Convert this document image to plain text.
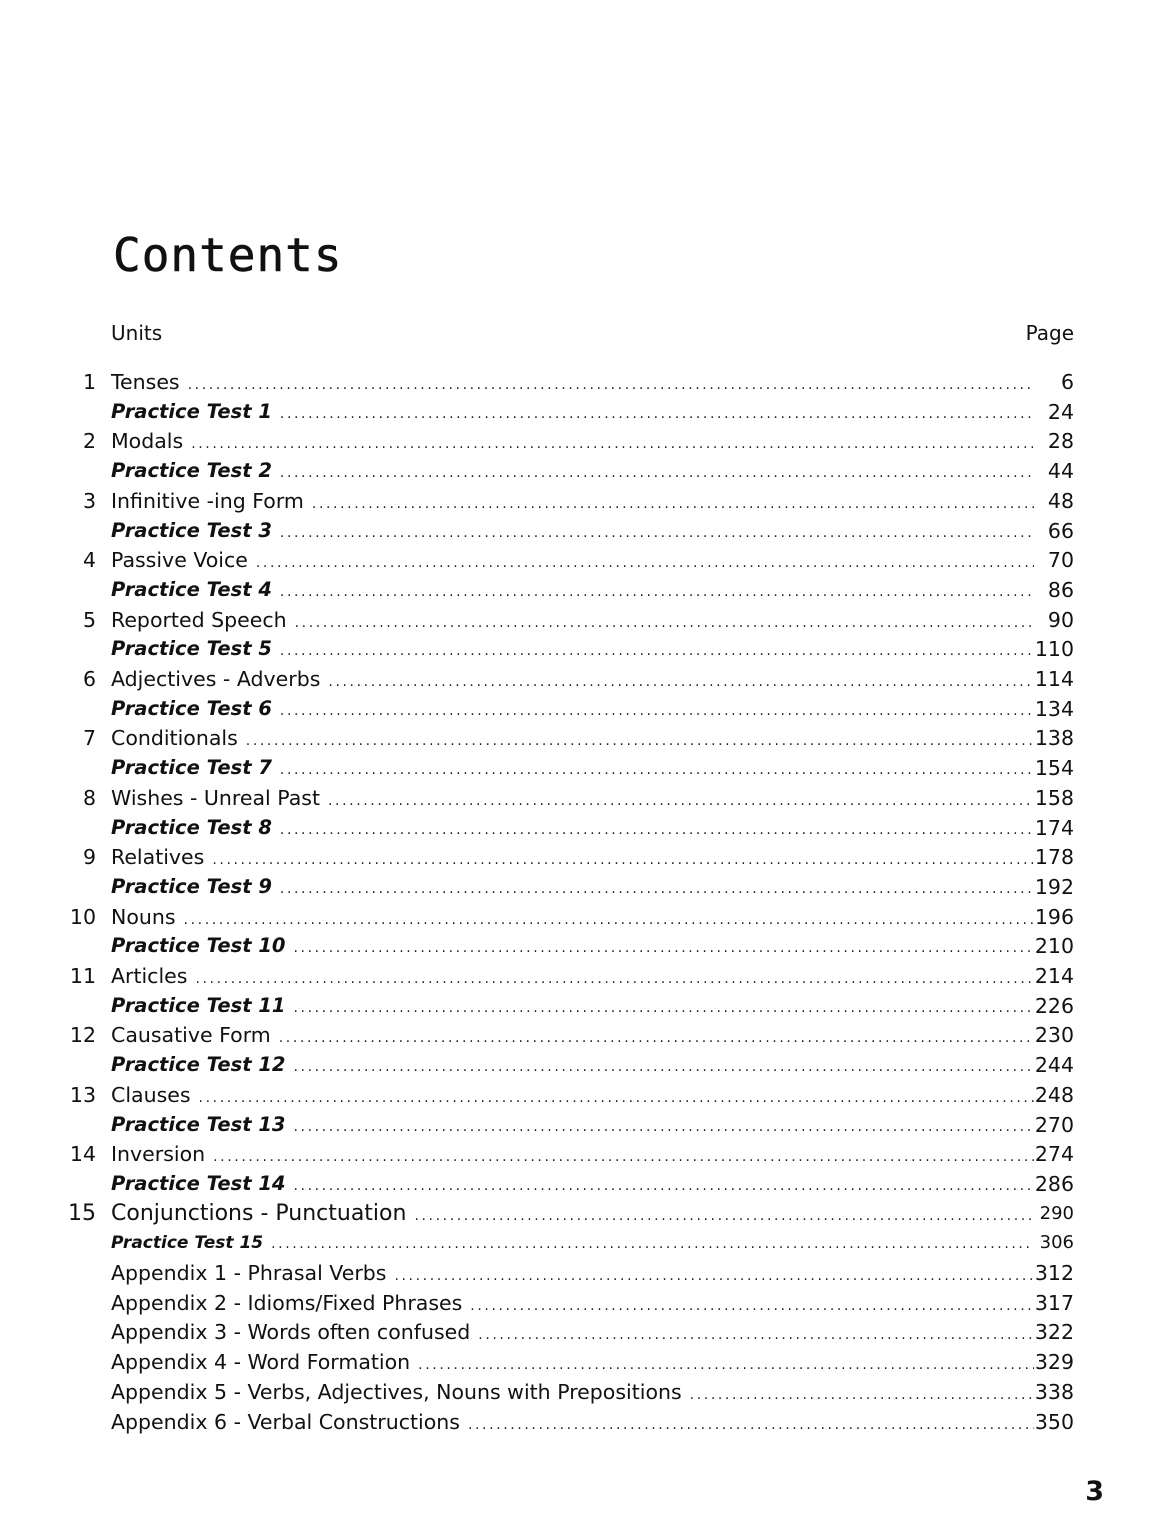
Contents
Units	Page
1 Tenses .....	6
Practice Test 1 .....	24
2 Modals .....	28
Practice Test 2 .....	44
3 Infinitive -ing Form .....	48
Practice Test 3 .....	66
4 Passive Voice .....	70
Practice Test 4 .....	86
5 Reported Speech .....	90
Practice Test 5 .....	110
6 Adjectives - Adverbs .....	114
Practice Test 6 .....	134
7 Conditionals .....	138
Practice Test 7 .....	154
8 Wishes - Unreal Past .....	158
Practice Test 8 .....	174
9 Relatives .....	178
Practice Test 9 .....	192
10 Nouns .....	196
Practice Test 10 .....	210
11 Articles .....	214
Practice Test 11 .....	226
12 Causative Form .....	230
Practice Test 12 .....	244
13 Clauses .....	248
Practice Test 13 .....	270
14 Inversion .....	274
Practice Test 14 .....	286
15 Conjunctions - Punctuation .....	290
Practice Test 15 .....	306
Appendix 1 - Phrasal Verbs .....	312
Appendix 2 - Idioms/Fixed Phrases .....	317
Appendix 3 - Words often confused .....	322
Appendix 4 - Word Formation .....	329
Appendix 5 - Verbs, Adjectives, Nouns with Prepositions .....	338
Appendix 6 - Verbal Constructions .....	350
3
